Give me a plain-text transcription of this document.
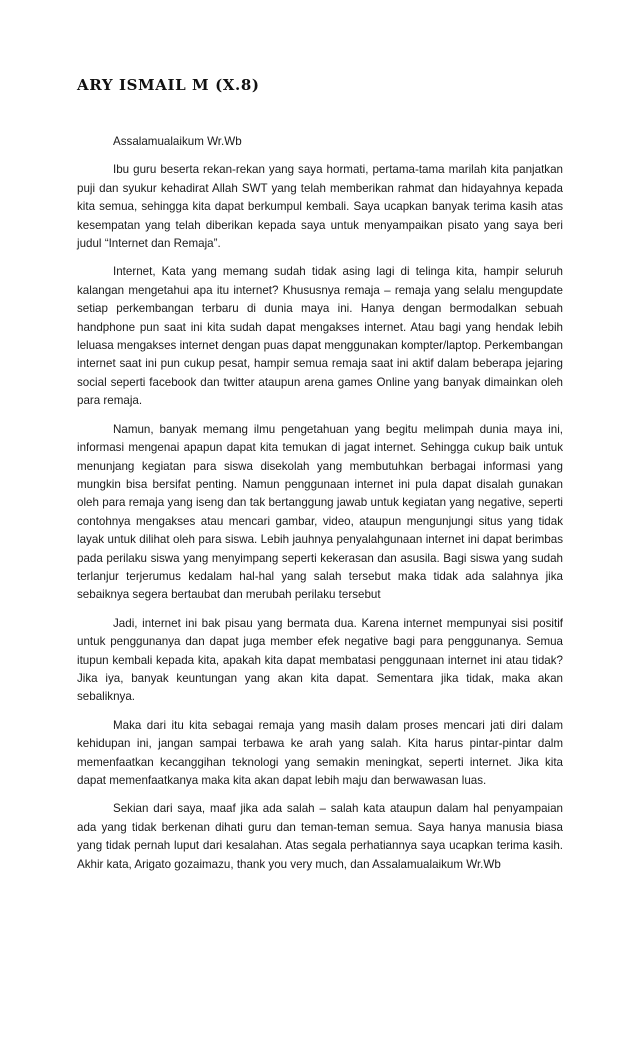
ARY ISMAIL M (X.8)

Assalamualaikum Wr.Wb

Ibu guru beserta rekan-rekan yang saya hormati, pertama-tama marilah kita panjatkan puji dan syukur kehadirat Allah SWT yang telah memberikan rahmat dan hidayahnya kepada kita semua, sehingga kita dapat berkumpul kembali. Saya ucapkan banyak terima kasih atas kesempatan yang telah diberikan kepada saya untuk menyampaikan pisato yang saya beri judul “Internet dan Remaja”.

Internet, Kata yang memang sudah tidak asing lagi di telinga kita, hampir seluruh kalangan mengetahui apa itu internet? Khususnya remaja – remaja yang selalu mengupdate setiap perkembangan terbaru di dunia maya ini. Hanya dengan bermodalkan sebuah handphone pun saat ini kita sudah dapat mengakses internet. Atau bagi yang hendak lebih leluasa mengakses internet dengan puas dapat menggunakan kompter/laptop. Perkembangan internet saat ini pun cukup pesat, hampir semua remaja saat ini aktif dalam beberapa jejaring social seperti facebook dan twitter ataupun arena games Online yang banyak dimainkan oleh para remaja.

Namun, banyak memang ilmu pengetahuan yang begitu melimpah dunia maya ini, informasi mengenai apapun dapat kita temukan di jagat internet. Sehingga cukup baik untuk menunjang kegiatan para siswa disekolah yang membutuhkan berbagai informasi yang mungkin bisa bersifat penting. Namun penggunaan internet ini pula dapat disalah gunakan oleh para remaja yang iseng dan tak bertanggung jawab untuk kegiatan yang negative, seperti contohnya mengakses atau mencari gambar, video, ataupun mengunjungi situs yang tidak layak untuk dilihat oleh para siswa. Lebih jauhnya penyalahgunaan internet ini dapat berimbas pada perilaku siswa yang menyimpang seperti kekerasan dan asusila. Bagi siswa yang sudah terlanjur terjerumus kedalam hal-hal yang salah tersebut maka tidak ada salahnya jika sebaiknya segera bertaubat dan merubah perilaku tersebut

Jadi, internet ini bak pisau yang bermata dua. Karena internet mempunyai sisi positif untuk penggunanya dan dapat juga member efek negative bagi para penggunanya. Semua itupun kembali kepada kita, apakah kita dapat membatasi penggunaan internet ini atau tidak? Jika iya, banyak keuntungan yang akan kita dapat. Sementara jika tidak, maka akan sebaliknya.

Maka dari itu kita sebagai remaja yang masih dalam proses mencari jati diri dalam kehidupan ini, jangan sampai terbawa ke arah yang salah. Kita harus pintar-pintar dalm memenfaatkan kecanggihan teknologi yang semakin meningkat, seperti internet. Jika kita dapat memenfaatkanya maka kita akan dapat lebih maju dan berwawasan luas.

Sekian dari saya, maaf jika ada salah – salah kata ataupun dalam hal penyampaian ada yang tidak berkenan dihati guru dan teman-teman semua. Saya hanya manusia biasa yang tidak pernah luput dari kesalahan. Atas segala perhatiannya saya ucapkan terima kasih. Akhir kata, Arigato gozaimazu, thank you very much, dan Assalamualaikum Wr.Wb
